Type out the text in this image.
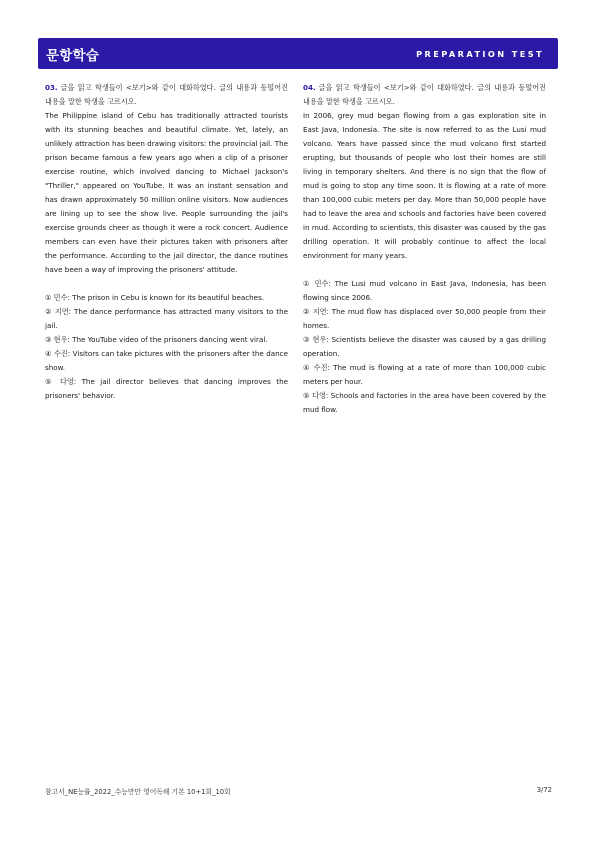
문항학습	PREPARATION TEST

03. 글을 읽고 학생들이 <보기>와 같이 대화하였다. 글의 내용과 동떨어진 내용을 말한 학생을 고르시오.

The Philippine island of Cebu has traditionally attracted tourists with its stunning beaches and beautiful climate. Yet, lately, an unlikely attraction has been drawing visitors: the provincial jail. The prison became famous a few years ago when a clip of a prisoner exercise routine, which involved dancing to Michael Jackson's "Thriller," appeared on YouTube. It was an instant sensation and has drawn approximately 50 million online visitors. Now audiences are lining up to see the show live. People surrounding the jail's exercise grounds cheer as though it were a rock concert. Audience members can even have their pictures taken with prisoners after the performance. According to the jail director, the dance routines have been a way of improving the prisoners' attitude.

① 민수: The prison in Cebu is known for its beautiful beaches.

② 지연: The dance performance has attracted many visitors to the jail.

③ 현우: The YouTube video of the prisoners dancing went viral.

④ 수진: Visitors can take pictures with the prisoners after the dance show.

⑤ 다영: The jail director believes that dancing improves the prisoners' behavior.

04. 글을 읽고 학생들이 <보기>와 같이 대화하였다. 글의 내용과 동떨어진 내용을 말한 학생을 고르시오.

In 2006, grey mud began flowing from a gas exploration site in East Java, Indonesia. The site is now referred to as the Lusi mud volcano. Years have passed since the mud volcano first started erupting, but thousands of people who lost their homes are still living in temporary shelters. And there is no sign that the flow of mud is going to stop any time soon. It is flowing at a rate of more than 100,000 cubic meters per day. More than 50,000 people have had to leave the area and schools and factories have been covered in mud. According to scientists, this disaster was caused by the gas drilling operation. It will probably continue to affect the local environment for many years.

① 민수: The Lusi mud volcano in East Java, Indonesia, has been flowing since 2006.

② 지연: The mud flow has displaced over 50,000 people from their homes.

③ 현우: Scientists believe the disaster was caused by a gas drilling operation.

④ 수진: The mud is flowing at a rate of more than 100,000 cubic meters per hour.

⑤ 다영: Schools and factories in the area have been covered by the mud flow.

참고서_NE능률_2022_수능만만 영어독해 기본 10+1회_10회	3/72
